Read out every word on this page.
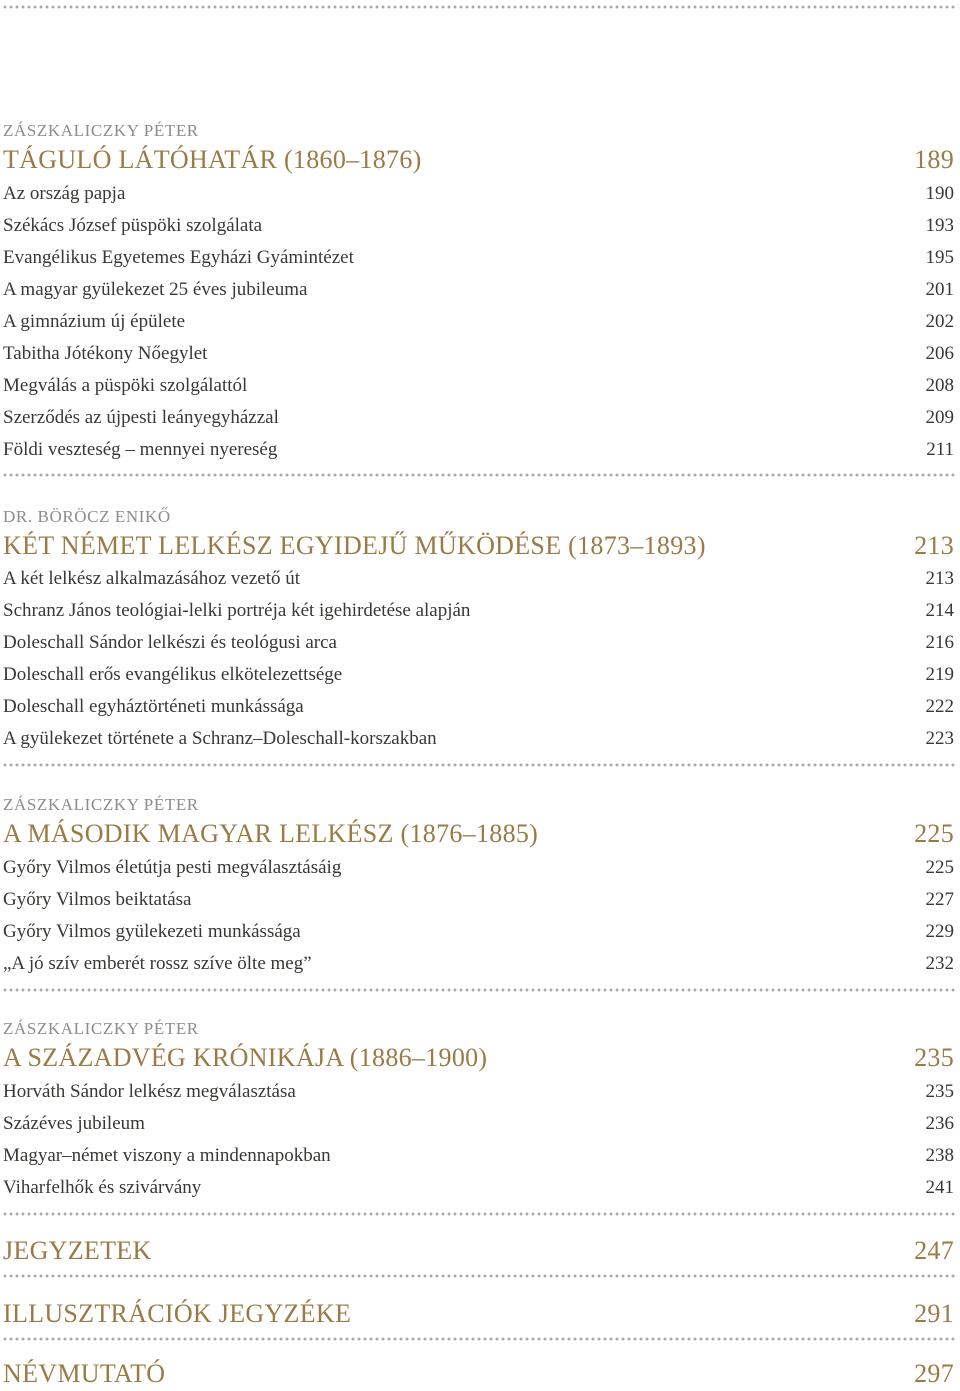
ZÁSZKALICZKY PÉTER
TÁGULÓ LÁTÓHATÁR (1860–1876)	189
Az ország papja	190
Székács József püspöki szolgálata	193
Evangélikus Egyetemes Egyházi Gyámintézet	195
A magyar gyülekezet 25 éves jubileuma	201
A gimnázium új épülete	202
Tabitha Jótékony Nőegylet	206
Megválás a püspöki szolgálattól	208
Szerződés az újpesti leányegyházzal	209
Földi veszteség – mennyei nyereség	211
DR. BÖRÖCZ ENIKŐ
KÉT NÉMET LELKÉSZ EGYIDEJŰ MŰKÖDÉSE (1873–1893)	213
A két lelkész alkalmazásához vezető út	213
Schranz János teológiai-lelki portréja két igehirdetése alapján	214
Doleschall Sándor lelkészi és teológusi arca	216
Doleschall erős evangélikus elkötelezettsége	219
Doleschall egyháztörténeti munkássága	222
A gyülekezet története a Schranz–Doleschall-korszakban	223
ZÁSZKALICZKY PÉTER
A MÁSODIK MAGYAR LELKÉSZ (1876–1885)	225
Győry Vilmos életútja pesti megválasztásáig	225
Győry Vilmos beiktatása	227
Győry Vilmos gyülekezeti munkássága	229
„A jó szív emberét rossz szíve ölte meg”	232
ZÁSZKALICZKY PÉTER
A SZÁZADVÉG KRÓNIKÁJA (1886–1900)	235
Horváth Sándor lelkész megválasztása	235
Százéves jubileum	236
Magyar–német viszony a mindennapokban	238
Viharfelhők és szivárvány	241
JEGYZETEK	247
ILLUSZTRÁCIÓK JEGYZÉKE	291
NÉVMUTATÓ	297
